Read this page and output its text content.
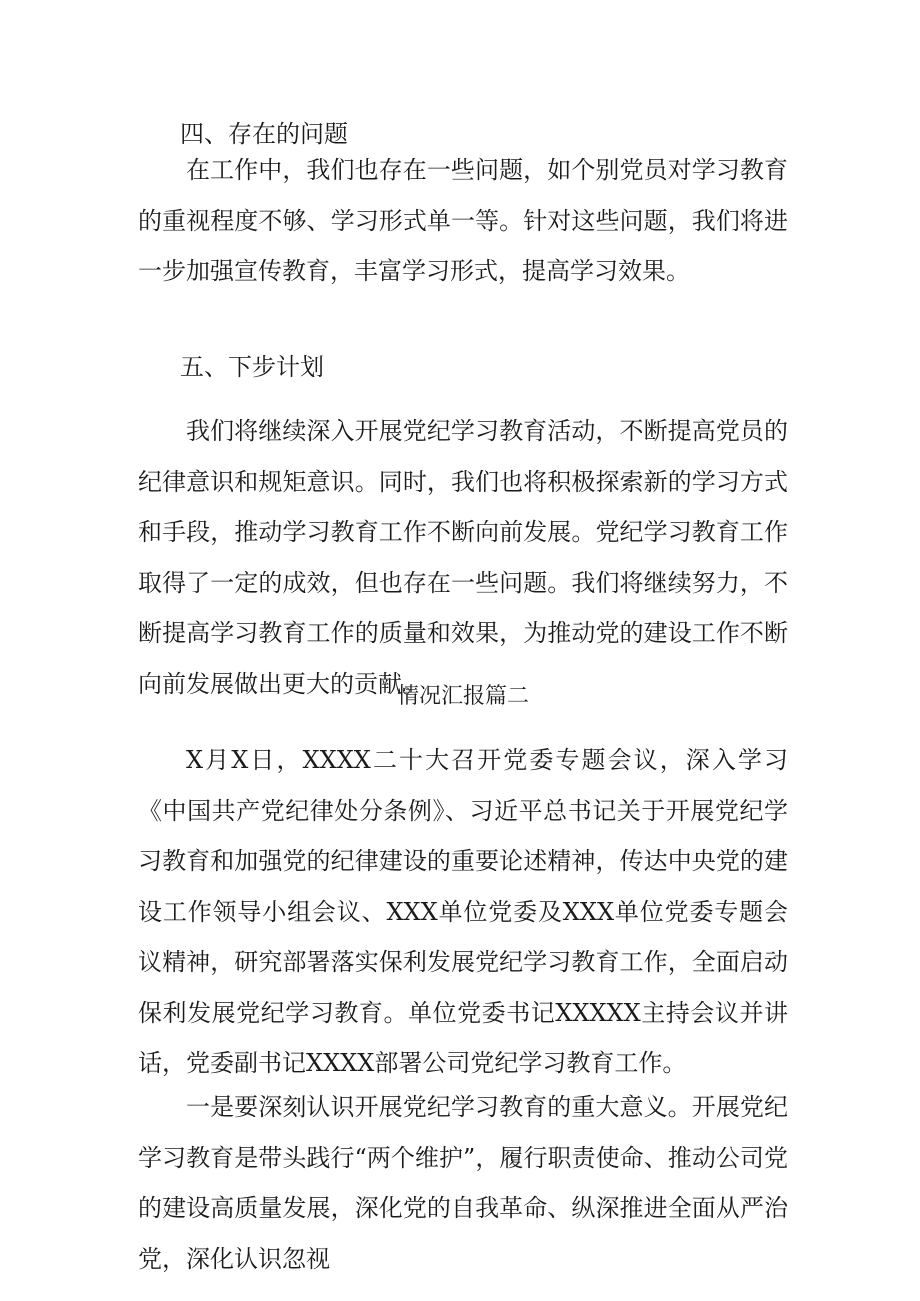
四、存在的问题

在工作中，我们也存在一些问题，如个别党员对学习教育的重视程度不够、学习形式单一等。针对这些问题，我们将进一步加强宣传教育，丰富学习形式，提高学习效果。

五、下步计划

我们将继续深入开展党纪学习教育活动，不断提高党员的纪律意识和规矩意识。同时，我们也将积极探索新的学习方式和手段，推动学习教育工作不断向前发展。党纪学习教育工作取得了一定的成效，但也存在一些问题。我们将继续努力，不断提高学习教育工作的质量和效果，为推动党的建设工作不断向前发展做出更大的贡献。

情况汇报篇二

X月X日，XXXX二十大召开党委专题会议，深入学习《中国共产党纪律处分条例》、习近平总书记关于开展党纪学习教育和加强党的纪律建设的重要论述精神，传达中央党的建设工作领导小组会议、XXX单位党委及XXX单位党委专题会议精神，研究部署落实保利发展党纪学习教育工作，全面启动保利发展党纪学习教育。单位党委书记XXXXX主持会议并讲话，党委副书记XXXX部署公司党纪学习教育工作。

一是要深刻认识开展党纪学习教育的重大意义。开展党纪学习教育是带头践行“两个维护”，履行职责使命、推动公司党的建设高质量发展，深化党的自我革命、纵深推进全面从严治党，深化认识忽视
